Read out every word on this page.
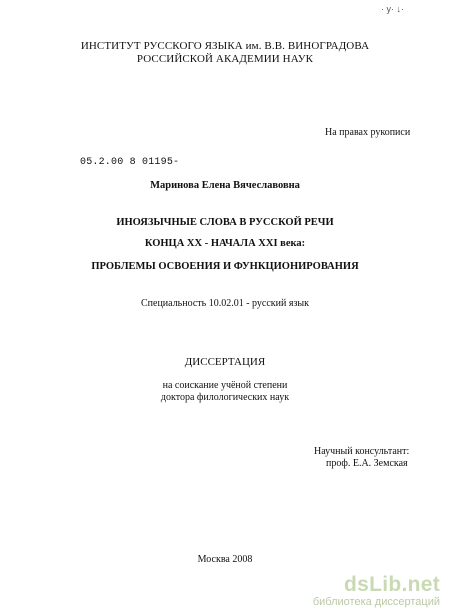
· у· ↓·
ИНСТИТУТ РУССКОГО ЯЗЫКА им. В.В. ВИНОГРАДОВА
РОССИЙСКОЙ АКАДЕМИИ НАУК
На правах рукописи
05.2.00 8 01195-
Маринова Елена Вячеславовна
ИНОЯЗЫЧНЫЕ СЛОВА В РУССКОЙ РЕЧИ
КОНЦА XX - НАЧАЛА XXI века:
ПРОБЛЕМЫ ОСВОЕНИЯ И ФУНКЦИОНИРОВАНИЯ
Специальность 10.02.01 - русский язык
ДИССЕРТАЦИЯ
на соискание учёной степени
доктора филологических наук
Научный консультант:
проф. Е.А. Земская
Москва 2008
dsLib.net
библиотека диссертаций
